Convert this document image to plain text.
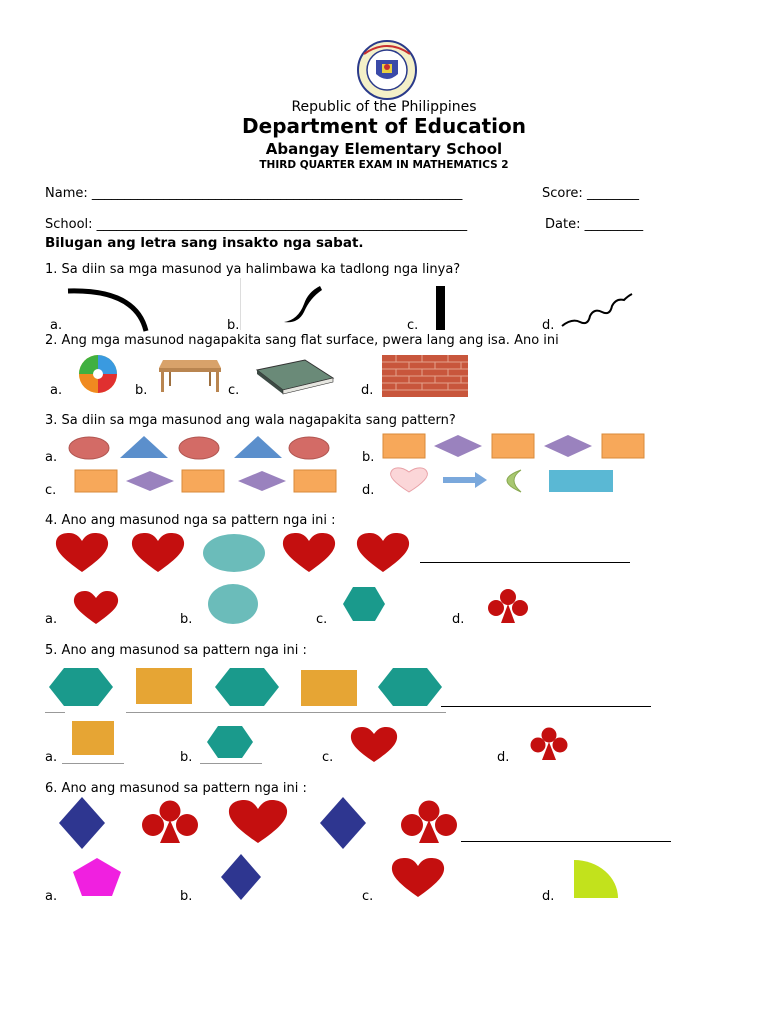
Republic of the Philippines
Department of Education
Abangay Elementary School
THIRD QUARTER EXAM IN MATHEMATICS 2
Name: _________________________________________________________	Score: ________
School: _________________________________________________________	Date: _________
Bilugan ang letra sang insakto nga sabat.
1. Sa diin sa mga masunod ya halimbawa ka tadlong nga linya?
a.	b.	c.	d.
2. Ang mga masunod nagapakita sang flat surface, pwera lang ang isa. Ano ini
a.	b.	c.	d.
3. Sa diin sa mga masunod ang wala nagapakita sang pattern?
a.	b.
c.	d.
4. Ano ang masunod nga sa pattern nga ini :
a.	b.	c.	d.
5. Ano ang masunod sa pattern nga ini :
a.	b.	c.	d.
6. Ano ang masunod sa pattern nga ini :
a.	b.	c.	d.
